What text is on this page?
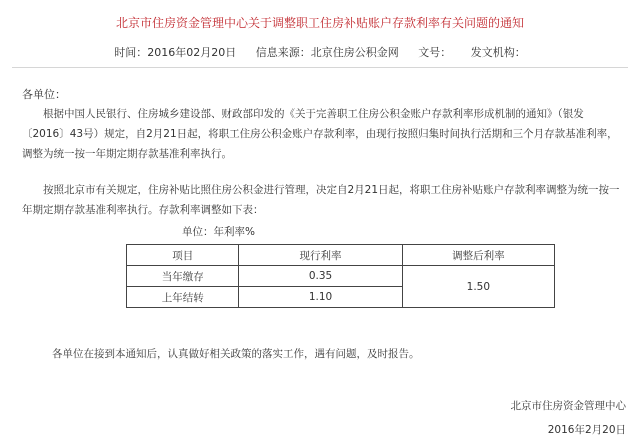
北京市住房资金管理中心关于调整职工住房补贴账户存款利率有关问题的通知
时间：2016年02月20日 信息来源：北京住房公积金网 文号： 发文机构：
各单位：
根据中国人民银行、住房城乡建设部、财政部印发的《关于完善职工住房公积金账户存款利率形成机制的通知》（银发〔2016〕43号）规定，自2月21日起，将职工住房公积金账户存款利率，由现行按照归集时间执行活期和三个月存款基准利率，调整为统一按一年期定期存款基准利率执行。
按照北京市有关规定，住房补贴比照住房公积金进行管理，决定自2月21日起，将职工住房补贴账户存款利率调整为统一按一年期定期存款基准利率执行。存款利率调整如下表：
单位：年利率%
项目	现行利率	调整后利率
当年缴存	0.35	1.50
上年结转	1.10	
各单位在接到本通知后，认真做好相关政策的落实工作，遇有问题，及时报告。
北京市住房资金管理中心
2016年2月20日
